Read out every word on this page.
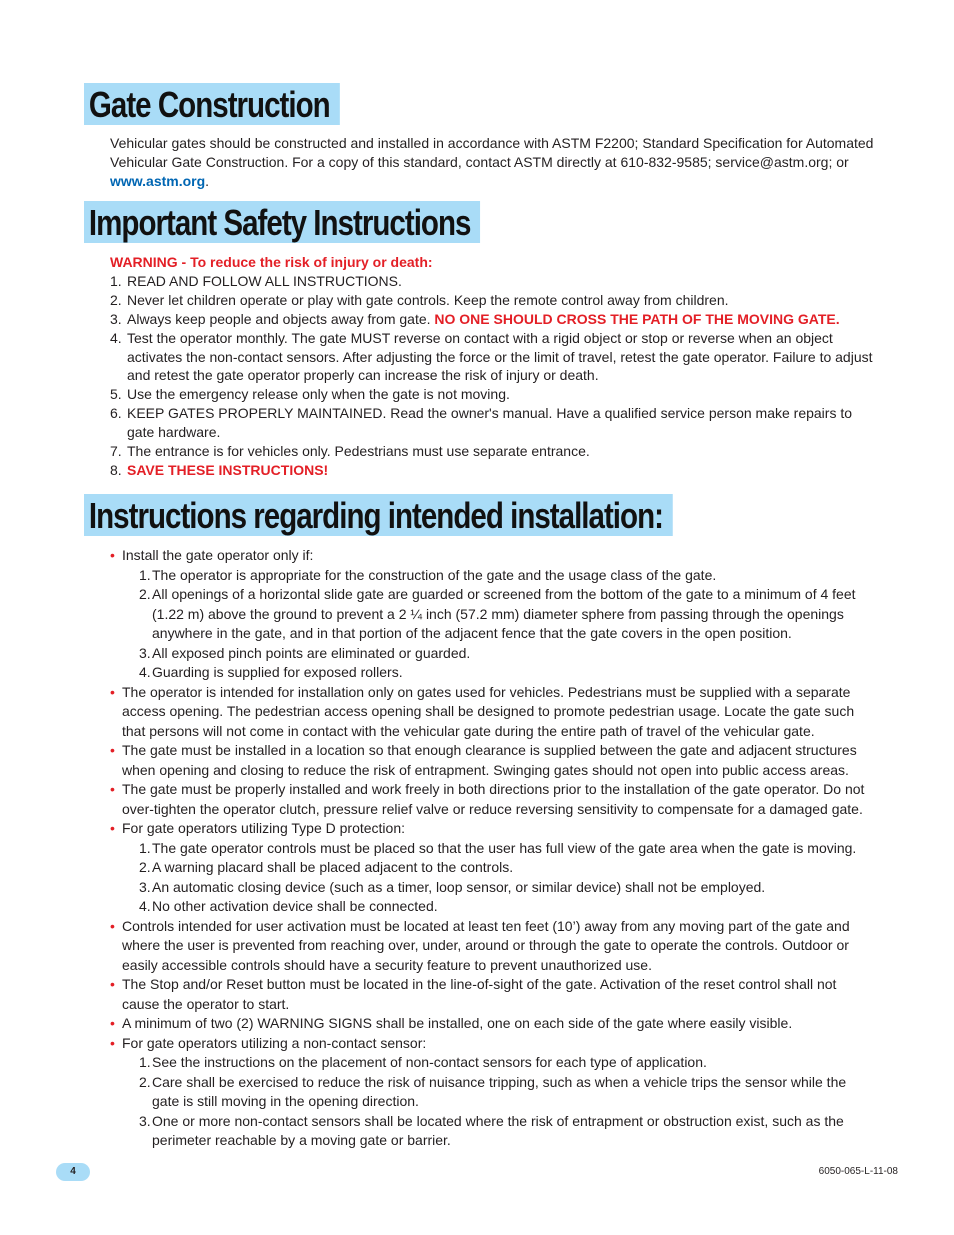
Gate Construction
Vehicular gates should be constructed and installed in accordance with ASTM F2200; Standard Specification for Automated Vehicular Gate Construction. For a copy of this standard, contact ASTM directly at 610-832-9585; service@astm.org; or www.astm.org.
Important Safety Instructions
WARNING - To reduce the risk of injury or death:
1. READ AND FOLLOW ALL INSTRUCTIONS.
2. Never let children operate or play with gate controls. Keep the remote control away from children.
3. Always keep people and objects away from gate. NO ONE SHOULD CROSS THE PATH OF THE MOVING GATE.
4. Test the operator monthly. The gate MUST reverse on contact with a rigid object or stop or reverse when an object activates the non-contact sensors. After adjusting the force or the limit of travel, retest the gate operator. Failure to adjust and retest the gate operator properly can increase the risk of injury or death.
5. Use the emergency release only when the gate is not moving.
6. KEEP GATES PROPERLY MAINTAINED. Read the owner's manual. Have a qualified service person make repairs to gate hardware.
7. The entrance is for vehicles only. Pedestrians must use separate entrance.
8. SAVE THESE INSTRUCTIONS!
Instructions regarding intended installation:
• Install the gate operator only if:
1. The operator is appropriate for the construction of the gate and the usage class of the gate.
2. All openings of a horizontal slide gate are guarded or screened from the bottom of the gate to a minimum of 4 feet (1.22 m) above the ground to prevent a 2 ¼ inch (57.2 mm) diameter sphere from passing through the openings anywhere in the gate, and in that portion of the adjacent fence that the gate covers in the open position.
3. All exposed pinch points are eliminated or guarded.
4. Guarding is supplied for exposed rollers.
• The operator is intended for installation only on gates used for vehicles. Pedestrians must be supplied with a separate access opening. The pedestrian access opening shall be designed to promote pedestrian usage. Locate the gate such that persons will not come in contact with the vehicular gate during the entire path of travel of the vehicular gate.
• The gate must be installed in a location so that enough clearance is supplied between the gate and adjacent structures when opening and closing to reduce the risk of entrapment. Swinging gates should not open into public access areas.
• The gate must be properly installed and work freely in both directions prior to the installation of the gate operator. Do not over-tighten the operator clutch, pressure relief valve or reduce reversing sensitivity to compensate for a damaged gate.
• For gate operators utilizing Type D protection:
1. The gate operator controls must be placed so that the user has full view of the gate area when the gate is moving.
2. A warning placard shall be placed adjacent to the controls.
3. An automatic closing device (such as a timer, loop sensor, or similar device) shall not be employed.
4. No other activation device shall be connected.
• Controls intended for user activation must be located at least ten feet (10’) away from any moving part of the gate and where the user is prevented from reaching over, under, around or through the gate to operate the controls. Outdoor or easily accessible controls should have a security feature to prevent unauthorized use.
• The Stop and/or Reset button must be located in the line-of-sight of the gate. Activation of the reset control shall not cause the operator to start.
• A minimum of two (2) WARNING SIGNS shall be installed, one on each side of the gate where easily visible.
• For gate operators utilizing a non-contact sensor:
1. See the instructions on the placement of non-contact sensors for each type of application.
2. Care shall be exercised to reduce the risk of nuisance tripping, such as when a vehicle trips the sensor while the gate is still moving in the opening direction.
3. One or more non-contact sensors shall be located where the risk of entrapment or obstruction exist, such as the perimeter reachable by a moving gate or barrier.
4	6050-065-L-11-08
